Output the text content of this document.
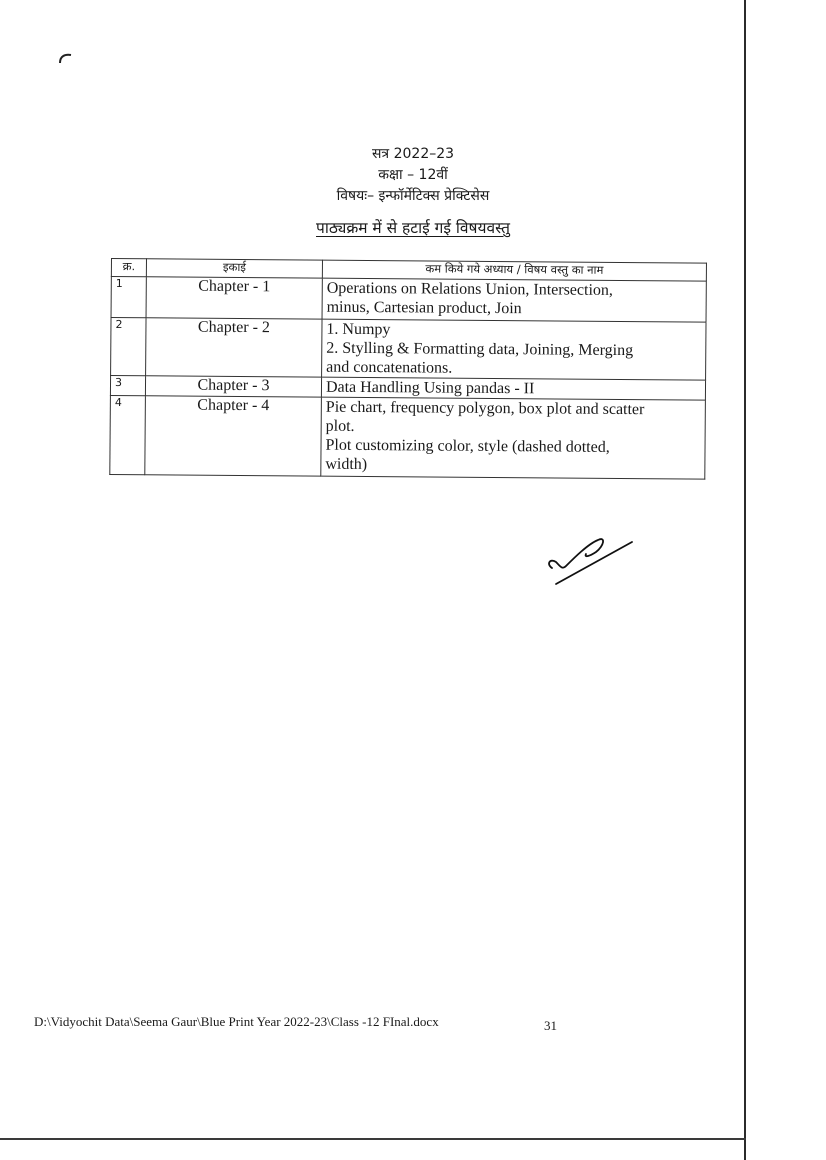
सत्र 2022–23
कक्षा – 12वीं
विषयः– इन्फॉर्मेटिक्स प्रेक्टिसेस
पाठ्यक्रम में से हटाई गई विषयवस्तु
क्र.	इकाई	कम किये गये अध्याय / विषय वस्तु का नाम
1	Chapter - 1	Operations on Relations Union, Intersection,
minus, Cartesian product, Join

2	Chapter - 2	1. Numpy
2. Stylling & Formatting data, Joining, Merging
and concatenations.

3	Chapter - 3	Data Handling Using pandas - II

4	Chapter - 4	Pie chart, frequency polygon, box plot and scatter
plot.
Plot customizing color, style (dashed dotted,
width)
D:\Vidyochit Data\Seema Gaur\Blue Print Year 2022-23\Class -12 FInal.docx	31
